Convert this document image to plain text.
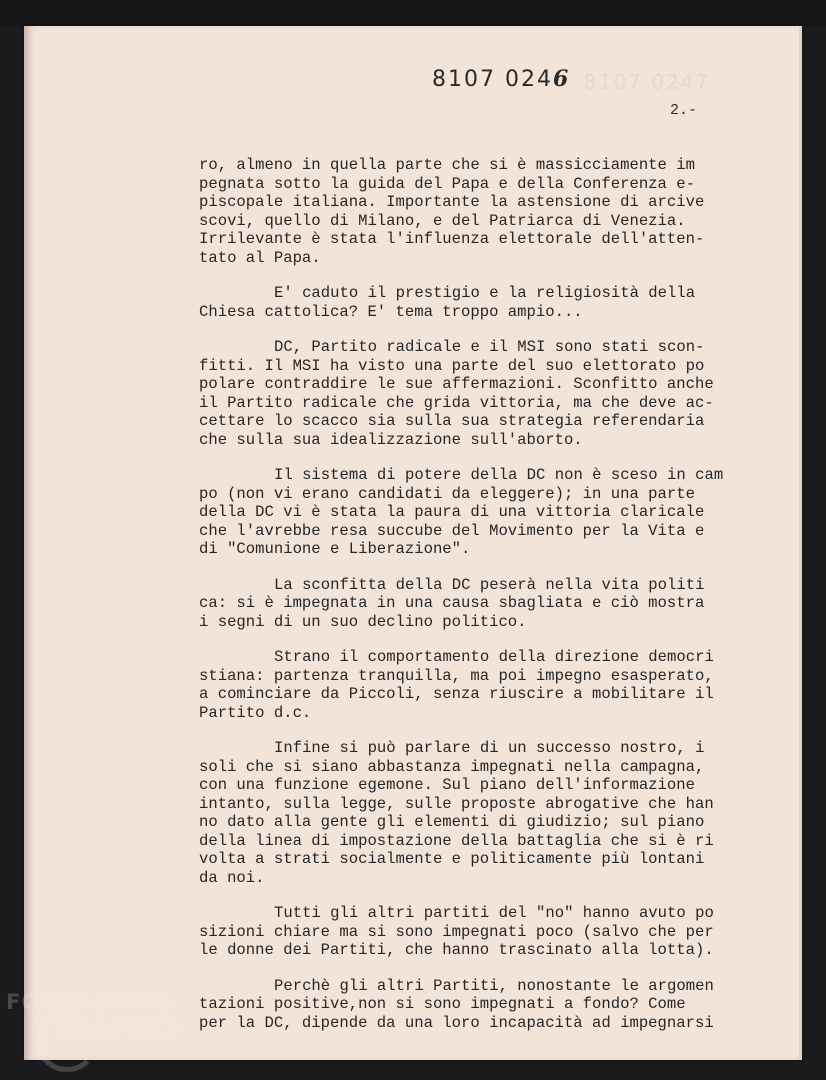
8107 0247
8107 0246
2.-
ro, almeno in quella parte che si è massicciamente im
pegnata sotto la guida del Papa e della Conferenza e-
piscopale italiana. Importante la astensione di arcive
scovi, quello di Milano, e del Patriarca di Venezia.
Irrilevante è stata l'influenza elettorale dell'atten-
tato al Papa.
E' caduto il prestigio e la religiosità della
Chiesa cattolica? E' tema troppo ampio...
DC, Partito radicale e il MSI sono stati scon-
fitti. Il MSI ha visto una parte del suo elettorato po
polare contraddire le sue affermazioni. Sconfitto anche
il Partito radicale che grida vittoria, ma che deve ac-
cettare lo scacco sia sulla sua strategia referendaria
che sulla sua idealizzazione sull'aborto.
Il sistema di potere della DC non è sceso in cam
po (non vi erano candidati da eleggere); in una parte
della DC vi è stata la paura di una vittoria claricale
che l'avrebbe resa succube del Movimento per la Vita e
di "Comunione e Liberazione".
La sconfitta della DC peserà nella vita politi
ca: si è impegnata in una causa sbagliata e ciò mostra
i segni di un suo declino politico.
Strano il comportamento della direzione democri
stiana: partenza tranquilla, ma poi impegno esasperato,
a cominciare da Piccoli, senza riuscire a mobilitare il
Partito d.c.
Infine si può parlare di un successo nostro, i
soli che si siano abbastanza impegnati nella campagna,
con una funzione egemone. Sul piano dell'informazione
intanto, sulla legge, sulle proposte abrogative che han
no dato alla gente gli elementi di giudizio; sul piano
della linea di impostazione della battaglia che si è ri
volta a strati socialmente e politicamente più lontani
da noi.
Tutti gli altri partiti del "no" hanno avuto po
sizioni chiare ma si sono impegnati poco (salvo che per
le donne dei Partiti, che hanno trascinato alla lotta).
Perchè gli altri Partiti, nonostante le argomen
tazioni positive,non si sono impegnati a fondo? Come
per la DC, dipende da una loro incapacità ad impegnarsi
FONDAZIONE
GRAMSCI
onlus
